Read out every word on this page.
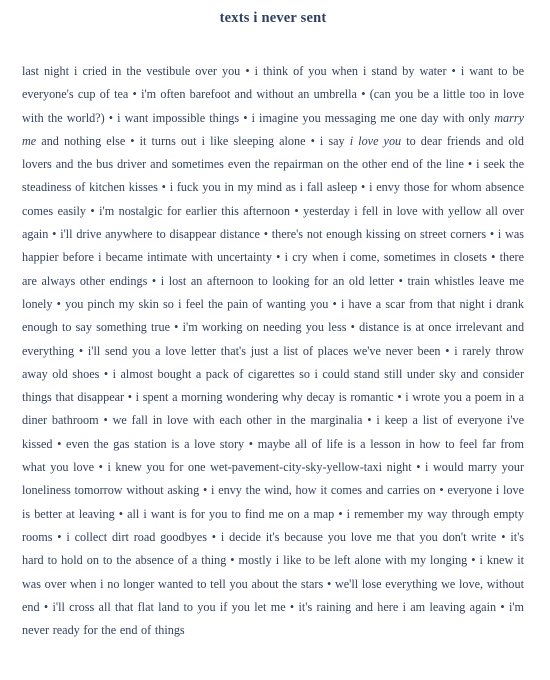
texts i never sent

last night i cried in the vestibule over you • i think of you when i stand by water • i want to be everyone's cup of tea • i'm often barefoot and without an umbrella • (can you be a little too in love with the world?) • i want impossible things • i imagine you messaging me one day with only marry me and nothing else • it turns out i like sleeping alone • i say i love you to dear friends and old lovers and the bus driver and sometimes even the repairman on the other end of the line • i seek the steadiness of kitchen kisses • i fuck you in my mind as i fall asleep • i envy those for whom absence comes easily • i'm nostalgic for earlier this afternoon • yesterday i fell in love with yellow all over again • i'll drive anywhere to disappear distance • there's not enough kissing on street corners • i was happier before i became intimate with uncertainty • i cry when i come, sometimes in closets • there are always other endings • i lost an afternoon to looking for an old letter • train whistles leave me lonely • you pinch my skin so i feel the pain of wanting you • i have a scar from that night i drank enough to say something true • i'm working on needing you less • distance is at once irrelevant and everything • i'll send you a love letter that's just a list of places we've never been • i rarely throw away old shoes • i almost bought a pack of cigarettes so i could stand still under sky and consider things that disappear • i spent a morning wondering why decay is romantic • i wrote you a poem in a diner bathroom • we fall in love with each other in the marginalia • i keep a list of everyone i've kissed • even the gas station is a love story • maybe all of life is a lesson in how to feel far from what you love • i knew you for one wet-pavement-city-sky-yellow-taxi night • i would marry your loneliness tomorrow without asking • i envy the wind, how it comes and carries on • everyone i love is better at leaving • all i want is for you to find me on a map • i remember my way through empty rooms • i collect dirt road goodbyes • i decide it's because you love me that you don't write • it's hard to hold on to the absence of a thing • mostly i like to be left alone with my longing • i knew it was over when i no longer wanted to tell you about the stars • we'll lose everything we love, without end • i'll cross all that flat land to you if you let me • it's raining and here i am leaving again • i'm never ready for the end of things
